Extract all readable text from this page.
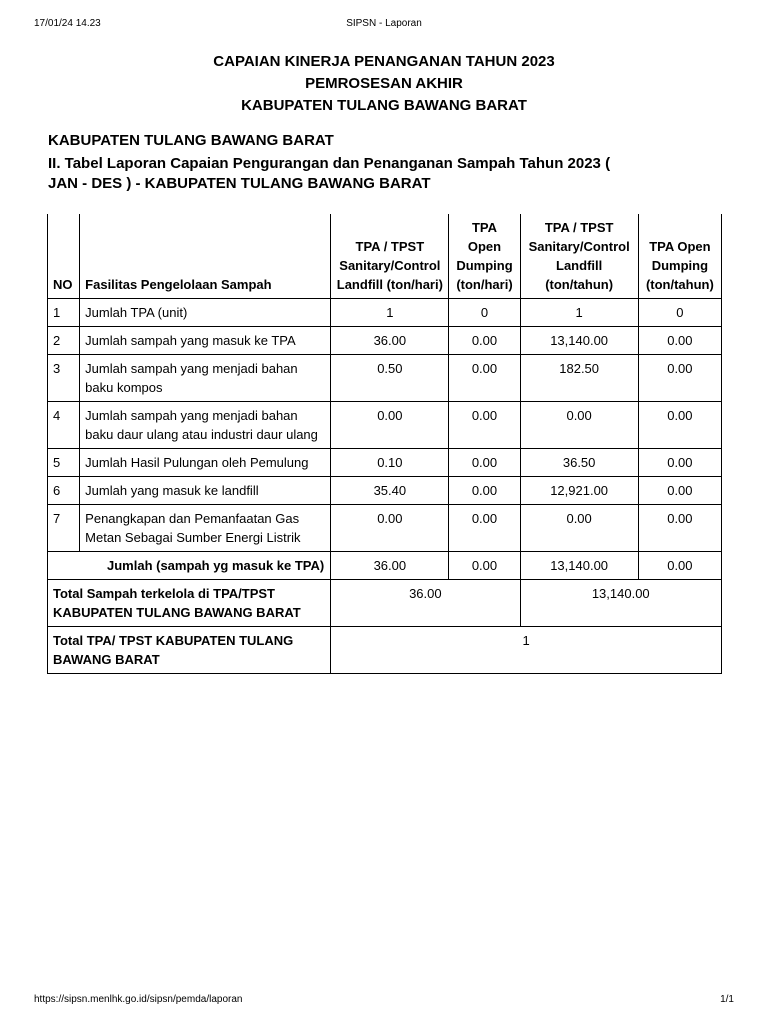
17/01/24 14.23	SIPSN - Laporan
CAPAIAN KINERJA PENANGANAN TAHUN 2023
PEMROSESAN AKHIR
KABUPATEN TULANG BAWANG BARAT
KABUPATEN TULANG BAWANG BARAT
II. Tabel Laporan Capaian Pengurangan dan Penanganan Sampah Tahun 2023 (
JAN - DES ) - KABUPATEN TULANG BAWANG BARAT
NO	Fasilitas Pengelolaan Sampah	TPA / TPST Sanitary/Control Landfill (ton/hari)	TPA Open Dumping (ton/hari)	TPA / TPST Sanitary/Control Landfill (ton/tahun)	TPA Open Dumping (ton/tahun)
1	Jumlah TPA (unit)	1	0	1	0
2	Jumlah sampah yang masuk ke TPA	36.00	0.00	13,140.00	0.00
3	Jumlah sampah yang menjadi bahan baku kompos	0.50	0.00	182.50	0.00
4	Jumlah sampah yang menjadi bahan baku daur ulang atau industri daur ulang	0.00	0.00	0.00	0.00
5	Jumlah Hasil Pulungan oleh Pemulung	0.10	0.00	36.50	0.00
6	Jumlah yang masuk ke landfill	35.40	0.00	12,921.00	0.00
7	Penangkapan dan Pemanfaatan Gas Metan Sebagai Sumber Energi Listrik	0.00	0.00	0.00	0.00
Jumlah (sampah yg masuk ke TPA)		36.00	0.00	13,140.00	0.00
Total Sampah terkelola di TPA/TPST KABUPATEN TULANG BAWANG BARAT		36.00		13,140.00	
Total TPA/ TPST KABUPATEN TULANG BAWANG BARAT		1			
https://sipsn.menlhk.go.id/sipsn/pemda/laporan	1/1
